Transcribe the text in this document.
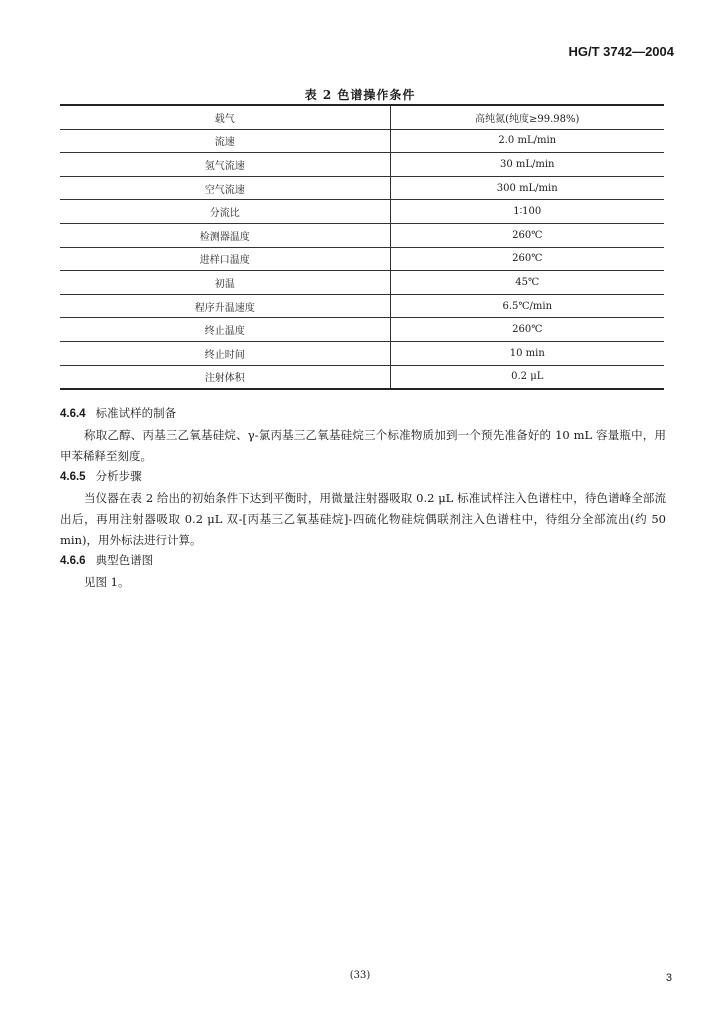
HG/T 3742—2004
表 2 色谱操作条件
载气	高纯氮(纯度≥99.98%)
流速	2.0 mL/min
氢气流速	30 mL/min
空气流速	300 mL/min
分流比	1∶100
检测器温度	260℃
进样口温度	260℃
初温	45℃
程序升温速度	6.5℃/min
终止温度	260℃
终止时间	10 min
注射体积	0.2 μL
4.6.4 标准试样的制备
称取乙醇、丙基三乙氧基硅烷、γ-氯丙基三乙氧基硅烷三个标准物质加到一个预先准备好的 10 mL 容量瓶中，用甲苯稀释至刻度。
4.6.5 分析步骤
当仪器在表 2 给出的初始条件下达到平衡时，用微量注射器吸取 0.2 μL 标准试样注入色谱柱中，待色谱峰全部流出后，再用注射器吸取 0.2 μL 双-[丙基三乙氧基硅烷]-四硫化物硅烷偶联剂注入色谱柱中，待组分全部流出(约 50 min)，用外标法进行计算。
4.6.6 典型色谱图
见图 1。
(33)	3
